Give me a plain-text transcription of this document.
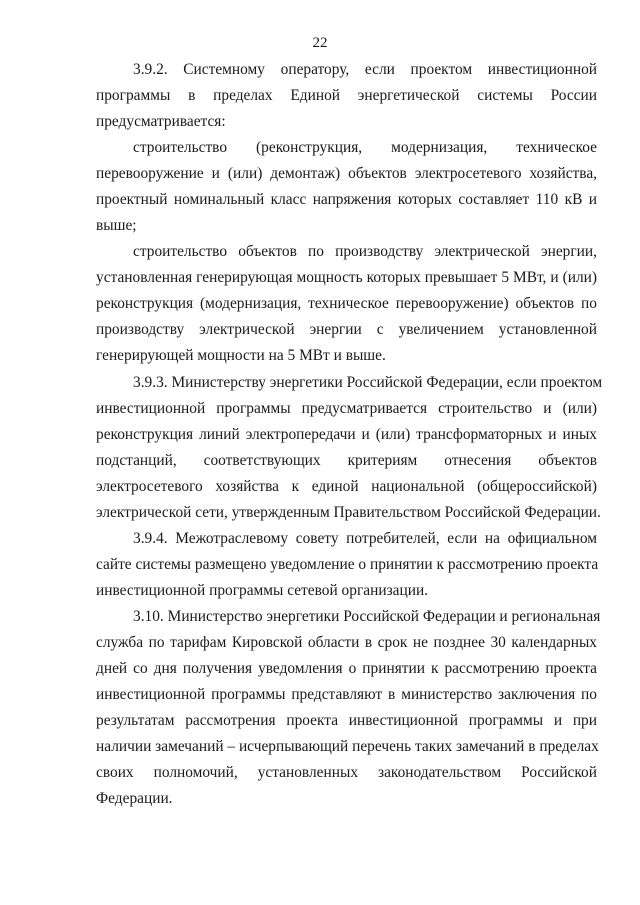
22
3.9.2. Системному оператору, если проектом инвестиционной
программы в пределах Единой энергетической системы России
предусматривается:
строительство (реконструкция, модернизация, техническое
перевооружение и (или) демонтаж) объектов электросетевого хозяйства,
проектный номинальный класс напряжения которых составляет 110 кВ и
выше;
строительство объектов по производству электрической энергии,
установленная генерирующая мощность которых превышает 5 МВт, и (или)
реконструкция (модернизация, техническое перевооружение) объектов по
производству электрической энергии с увеличением установленной
генерирующей мощности на 5 МВт и выше.
3.9.3. Министерству энергетики Российской Федерации, если проектом
инвестиционной программы предусматривается строительство и (или)
реконструкция линий электропередачи и (или) трансформаторных и иных
подстанций, соответствующих критериям отнесения объектов
электросетевого хозяйства к единой национальной (общероссийской)
электрической сети, утвержденным Правительством Российской Федерации.
3.9.4. Межотраслевому совету потребителей, если на официальном
сайте системы размещено уведомление о принятии к рассмотрению проекта
инвестиционной программы сетевой организации.
3.10. Министерство энергетики Российской Федерации и региональная
служба по тарифам Кировской области в срок не позднее 30 календарных
дней со дня получения уведомления о принятии к рассмотрению проекта
инвестиционной программы представляют в министерство заключения по
результатам рассмотрения проекта инвестиционной программы и при
наличии замечаний – исчерпывающий перечень таких замечаний в пределах
своих полномочий, установленных законодательством Российской
Федерации.
